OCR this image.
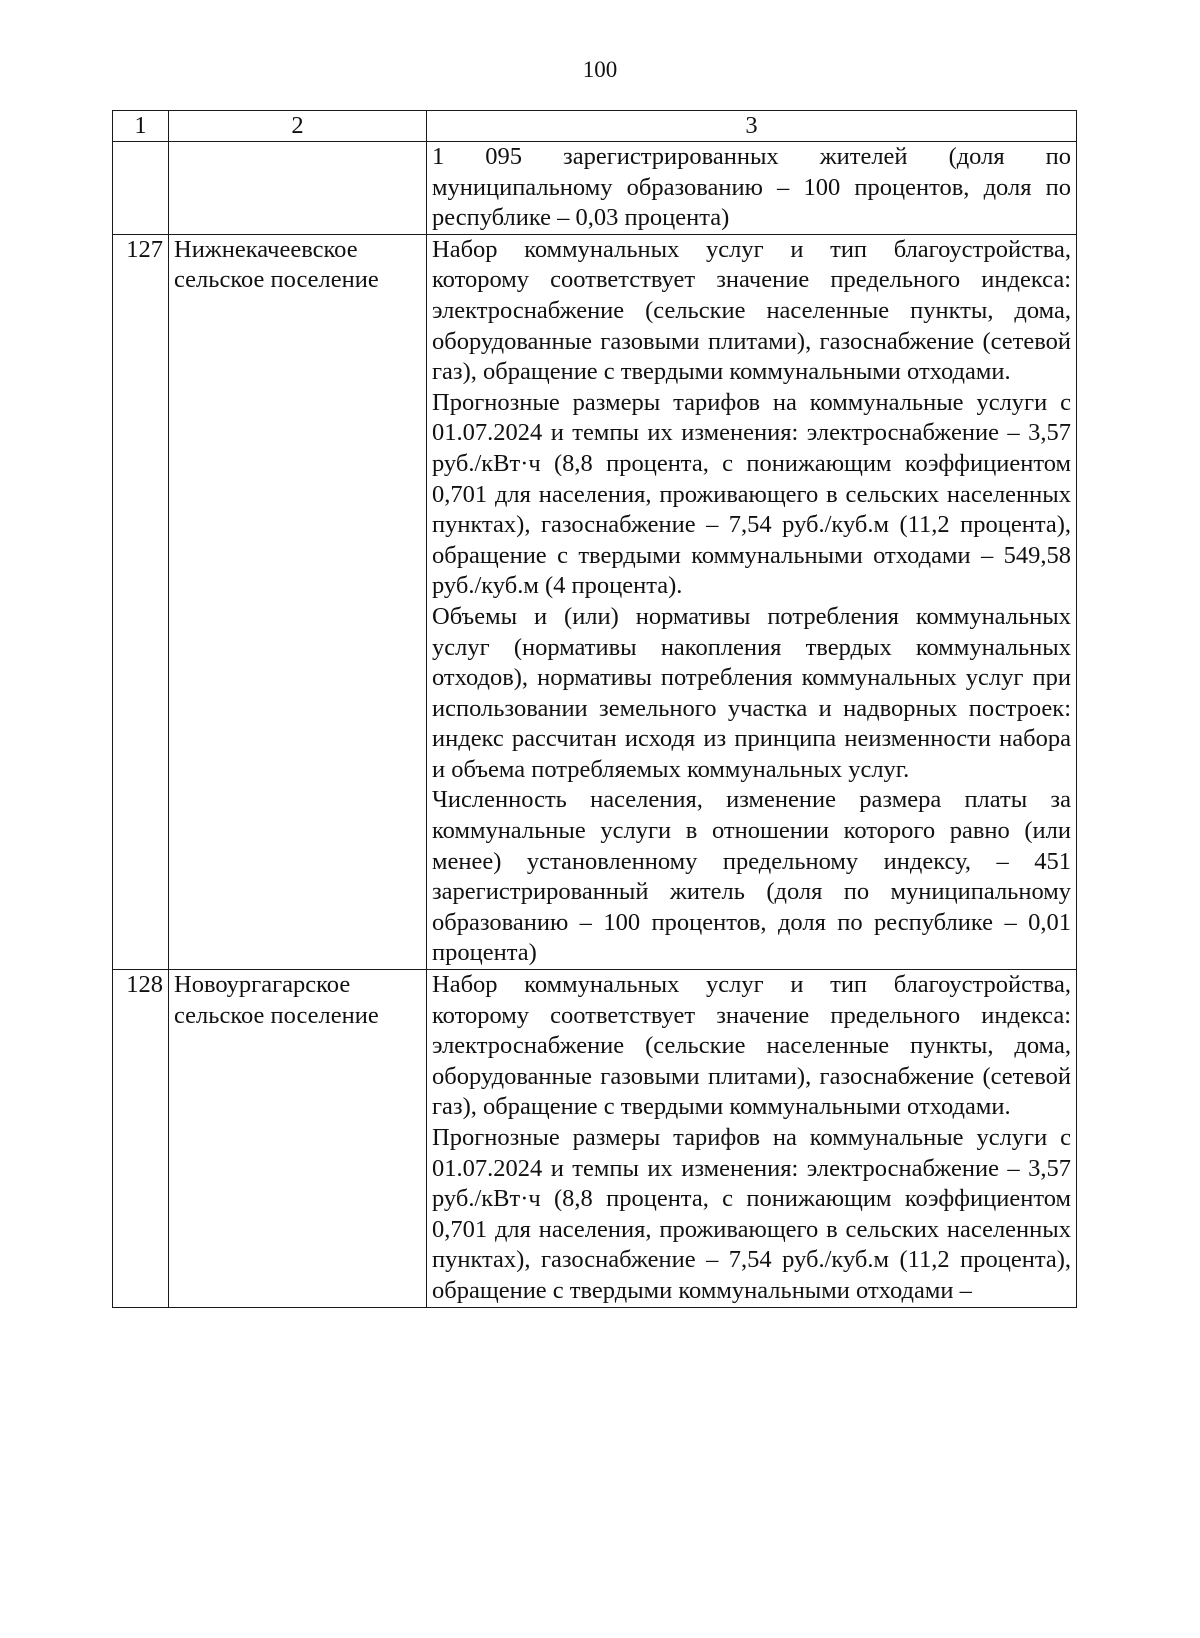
100
1	2	3

		1 095 зарегистрированных жителей (доля по муниципальному образованию – 100 процентов, доля по республике – 0,03 процента)

127	Нижнекачеевское сельское поселение	Набор коммунальных услуг и тип благоустройства, которому соответствует значение предельного индекса: электроснабжение (сельские населенные пункты, дома, оборудованные газовыми плитами), газоснабжение (сетевой газ), обращение с твердыми коммунальными отходами.

Прогнозные размеры тарифов на коммунальные услуги с 01.07.2024 и темпы их изменения: электроснабжение – 3,57 руб./кВт·ч (8,8 процента, с понижающим коэффициентом 0,701 для населения, проживающего в сельских населенных пунктах), газоснабжение – 7,54 руб./куб.м (11,2 процента), обращение с твердыми коммунальными отходами – 549,58 руб./куб.м (4 процента).

Объемы и (или) нормативы потребления коммунальных услуг (нормативы накопления твердых коммунальных отходов), нормативы потребления коммунальных услуг при использовании земельного участка и надворных построек: индекс рассчитан исходя из принципа неизменности набора и объема потребляемых коммунальных услуг.

Численность населения, изменение размера платы за коммунальные услуги в отношении которого равно (или менее) установленному предельному индексу, – 451 зарегистрированный житель (доля по муниципальному образованию – 100 процентов, доля по республике – 0,01 процента)

128	Новоургагарское сельское поселение	Набор коммунальных услуг и тип благоустройства, которому соответствует значение предельного индекса: электроснабжение (сельские населенные пункты, дома, оборудованные газовыми плитами), газоснабжение (сетевой газ), обращение с твердыми коммунальными отходами.

Прогнозные размеры тарифов на коммунальные услуги с 01.07.2024 и темпы их изменения: электроснабжение – 3,57 руб./кВт·ч (8,8 процента, с понижающим коэффициентом 0,701 для населения, проживающего в сельских населенных пунктах), газоснабжение – 7,54 руб./куб.м (11,2 процента), обращение с твердыми коммунальными отходами –
